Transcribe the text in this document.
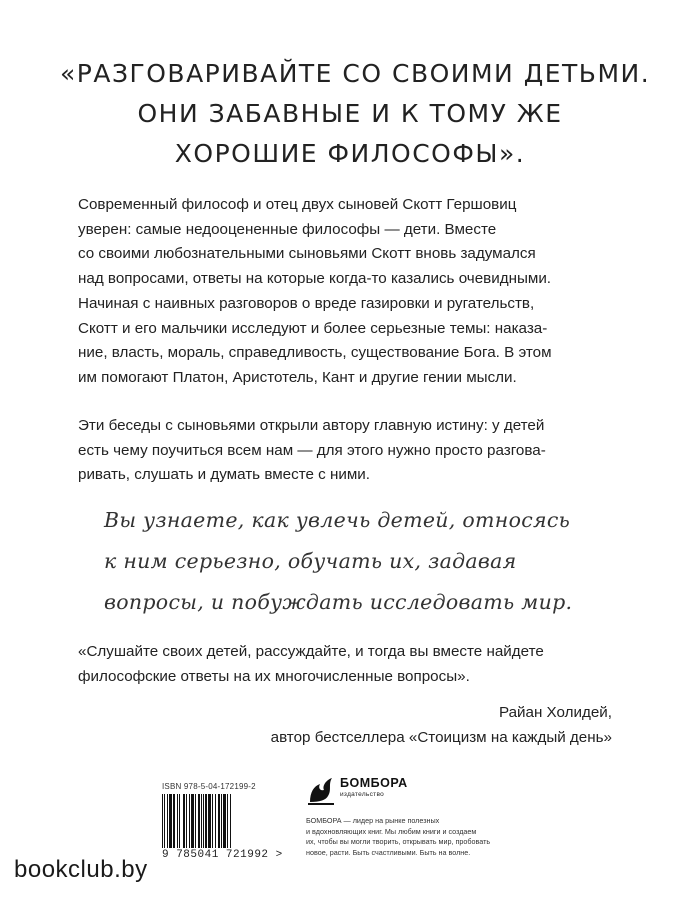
«РАЗГОВАРИВАЙТЕ СО СВОИМИ ДЕТЬМИ.
ОНИ ЗАБАВНЫЕ И К ТОМУ ЖЕ
ХОРОШИЕ ФИЛОСОФЫ».
Современный философ и отец двух сыновей Скотт Гершовиц
уверен: самые недооцененные философы — дети. Вместе
со своими любознательными сыновьями Скотт вновь задумался
над вопросами, ответы на которые когда-то казались очевидными.
Начиная с наивных разговоров о вреде газировки и ругательств,
Скотт и его мальчики исследуют и более серьезные темы: наказа-
ние, власть, мораль, справедливость, существование Бога. В этом
им помогают Платон, Аристотель, Кант и другие гении мысли.
Эти беседы с сыновьями открыли автору главную истину: у детей
есть чему поучиться всем нам — для этого нужно просто разгова-
ривать, слушать и думать вместе с ними.
Вы узнаете, как увлечь детей, относясь
к ним серьезно, обучать их, задавая
вопросы, и побуждать исследовать мир.
«Слушайте своих детей, рассуждайте, и тогда вы вместе найдете
философские ответы на их многочисленные вопросы».
Райан Холидей,
автор бестселлера «Стоицизм на каждый день»
ISBN 978-5-04-172199-2
9 785041 721992 >
БОМБОРА
издательство
БОМБОРА — лидер на рынке полезных
и вдохновляющих книг. Мы любим книги и создаем
их, чтобы вы могли творить, открывать мир, пробовать
новое, расти. Быть счастливыми. Быть на волне.
bookclub.by
